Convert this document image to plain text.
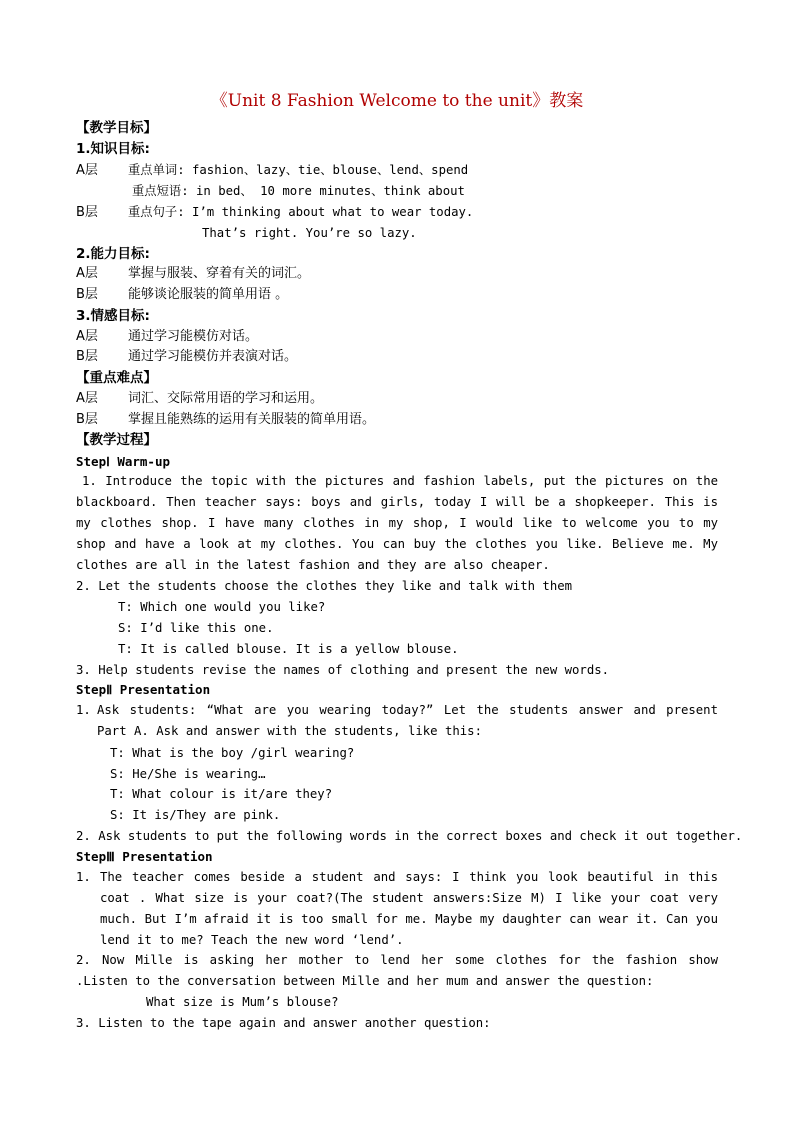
《Unit 8 Fashion Welcome to the unit》教案
【教学目标】
1.知识目标:
A层 重点单词: fashion、lazy、tie、blouse、lend、spend
重点短语: in bed、 10 more minutes、think about
B层 重点句子: I’m thinking about what to wear today.
That’s right. You’re so lazy.
2.能力目标:
A层 掌握与服装、穿着有关的词汇。
B层 能够谈论服装的简单用语 。
3.情感目标:
A层 通过学习能模仿对话。
B层 通过学习能模仿并表演对话。
【重点难点】
A层 词汇、交际常用语的学习和运用。
B层 掌握且能熟练的运用有关服装的简单用语。
【教学过程】
StepⅠ Warm-up
1. Introduce the topic with the pictures and fashion labels, put the pictures on the blackboard. Then teacher says: boys and girls, today I will be a shopkeeper. This is my clothes shop. I have many clothes in my shop, I would like to welcome you to my shop and have a look at my clothes. You can buy the clothes you like. Believe me. My clothes are all in the latest fashion and they are also cheaper.
2. Let the students choose the clothes they like and talk with them
T: Which one would you like?
S: I’d like this one.
T: It is called blouse. It is a yellow blouse.
3. Help students revise the names of clothing and present the new words.
StepⅡ Presentation
1. Ask students: “What are you wearing today?” Let the students answer and present Part A. Ask and answer with the students, like this:
T: What is the boy /girl wearing?
S: He/She is wearing…
T: What colour is it/are they?
S: It is/They are pink.
2. Ask students to put the following words in the correct boxes and check it out together.
StepⅢ Presentation
1. The teacher comes beside a student and says: I think you look beautiful in this coat . What size is your coat?(The student answers:Size M) I like your coat very much. But I’m afraid it is too small for me. Maybe my daughter can wear it. Can you lend it to me? Teach the new word ‘lend’.
2. Now Mille is asking her mother to lend her some clothes for the fashion show .Listen to the conversation between Mille and her mum and answer the question:
What size is Mum’s blouse?
3. Listen to the tape again and answer another question:
